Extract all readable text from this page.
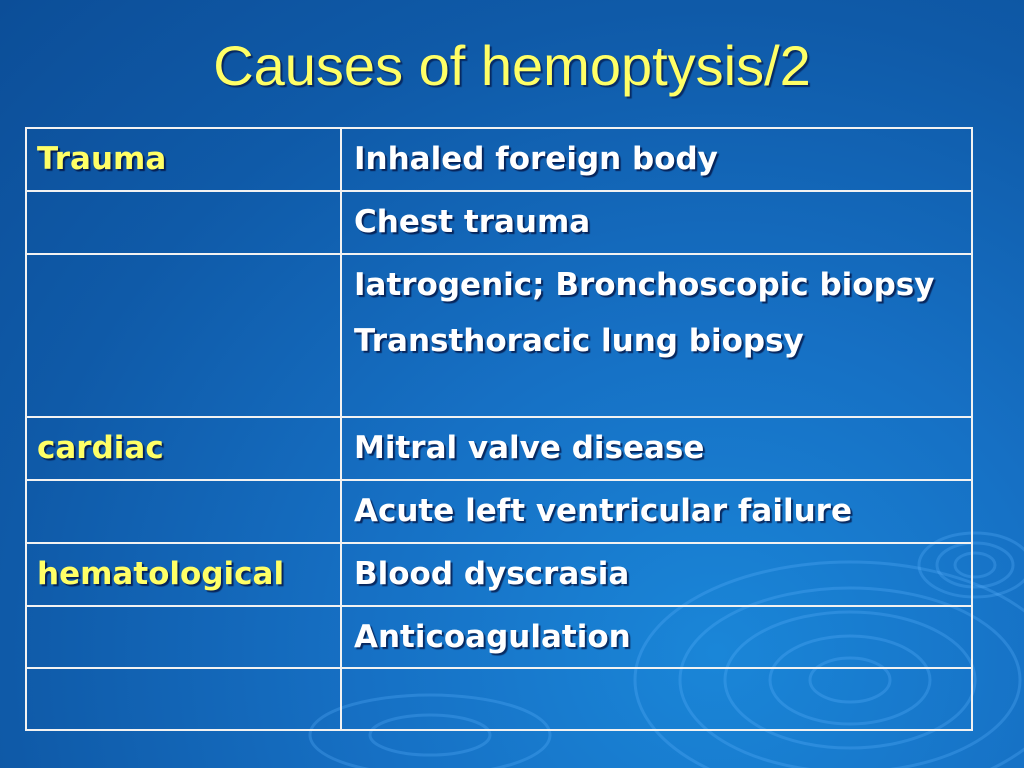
Causes of hemoptysis/2
Trauma	Inhaled foreign body

	Chest trauma

	Iatrogenic; Bronchoscopic biopsy
Transthoracic lung biopsy

cardiac	Mitral valve disease

	Acute left ventricular failure

hematological	Blood dyscrasia

	Anticoagulation
